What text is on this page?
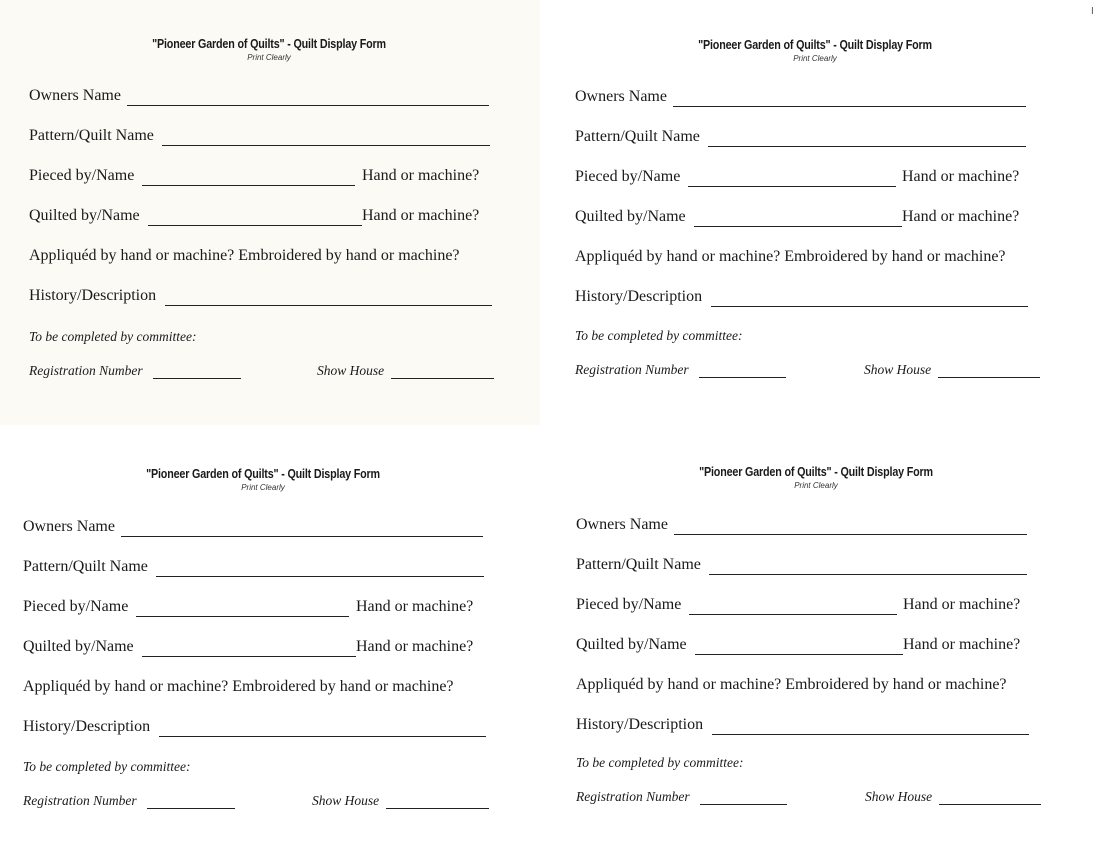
I
"Pioneer Garden of Quilts" - Quilt Display Form
Print Clearly
Owners Name
Pattern/Quilt Name
Pieced by/Name	Hand or machine?
Quilted by/Name	Hand or machine?
Appliquéd by hand or machine? Embroidered by hand or machine?
History/Description
To be completed by committee:
Registration Number	Show House
"Pioneer Garden of Quilts" - Quilt Display Form
Print Clearly
Owners Name
Pattern/Quilt Name
Pieced by/Name	Hand or machine?
Quilted by/Name	Hand or machine?
Appliquéd by hand or machine? Embroidered by hand or machine?
History/Description
To be completed by committee:
Registration Number	Show House
"Pioneer Garden of Quilts" - Quilt Display Form
Print Clearly
Owners Name
Pattern/Quilt Name
Pieced by/Name	Hand or machine?
Quilted by/Name	Hand or machine?
Appliquéd by hand or machine? Embroidered by hand or machine?
History/Description
To be completed by committee:
Registration Number	Show House
"Pioneer Garden of Quilts" - Quilt Display Form
Print Clearly
Owners Name
Pattern/Quilt Name
Pieced by/Name	Hand or machine?
Quilted by/Name	Hand or machine?
Appliquéd by hand or machine? Embroidered by hand or machine?
History/Description
To be completed by committee:
Registration Number	Show House
